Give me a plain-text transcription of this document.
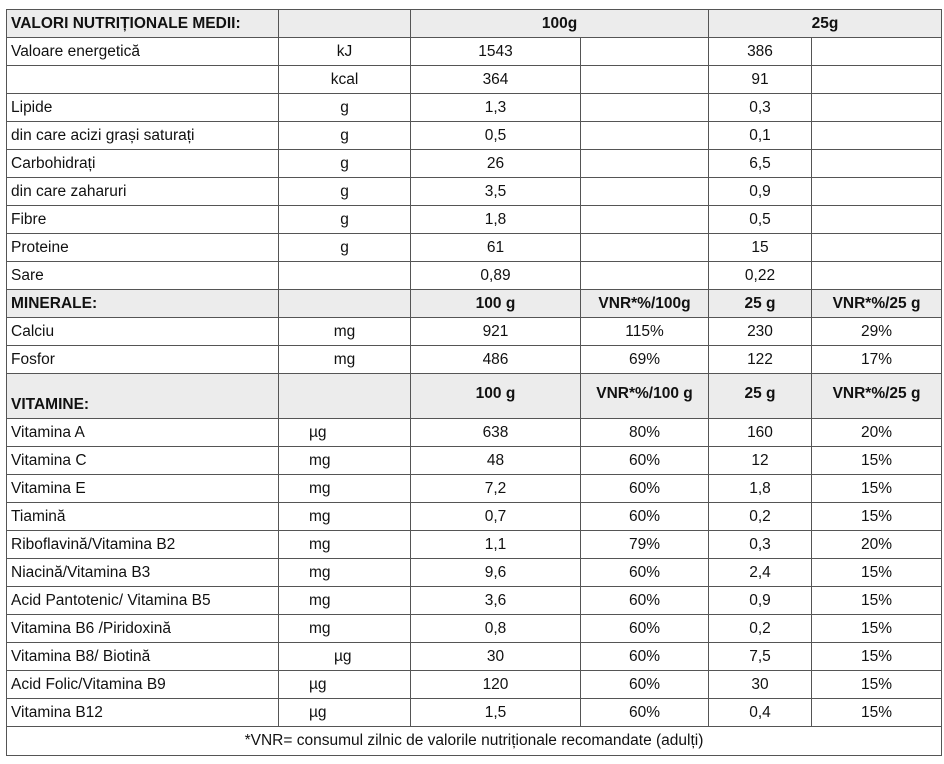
VALORI NUTRIȚIONALE MEDII:		100g		25g	
Valoare energetică	kJ	1543		386	
	kcal	364		91	
Lipide	g	1,3		0,3	
din care acizi grași saturați	g	0,5		0,1	
Carbohidrați	g	26		6,5	
din care zaharuri	g	3,5		0,9	
Fibre	g	1,8		0,5	
Proteine	g	61		15	
Sare		0,89		0,22	
MINERALE:		100 g	VNR*%/100g	25 g	VNR*%/25 g
Calciu	mg	921	115%	230	29%
Fosfor	mg	486	69%	122	17%
VITAMINE:		100 g	VNR*%/100 g	25 g	VNR*%/25 g
Vitamina A	µg	638	80%	160	20%
Vitamina C	mg	48	60%	12	15%
Vitamina E	mg	7,2	60%	1,8	15%
Tiamină	mg	0,7	60%	0,2	15%
Riboflavină/Vitamina B2	mg	1,1	79%	0,3	20%
Niacină/Vitamina B3	mg	9,6	60%	2,4	15%
Acid Pantotenic/ Vitamina B5	mg	3,6	60%	0,9	15%
Vitamina B6 /Piridoxină	mg	0,8	60%	0,2	15%
Vitamina B8/ Biotină	µg	30	60%	7,5	15%
Acid Folic/Vitamina B9	µg	120	60%	30	15%
Vitamina B12	µg	1,5	60%	0,4	15%
*VNR= consumul zilnic de valorile nutriționale recomandate (adulți)					
